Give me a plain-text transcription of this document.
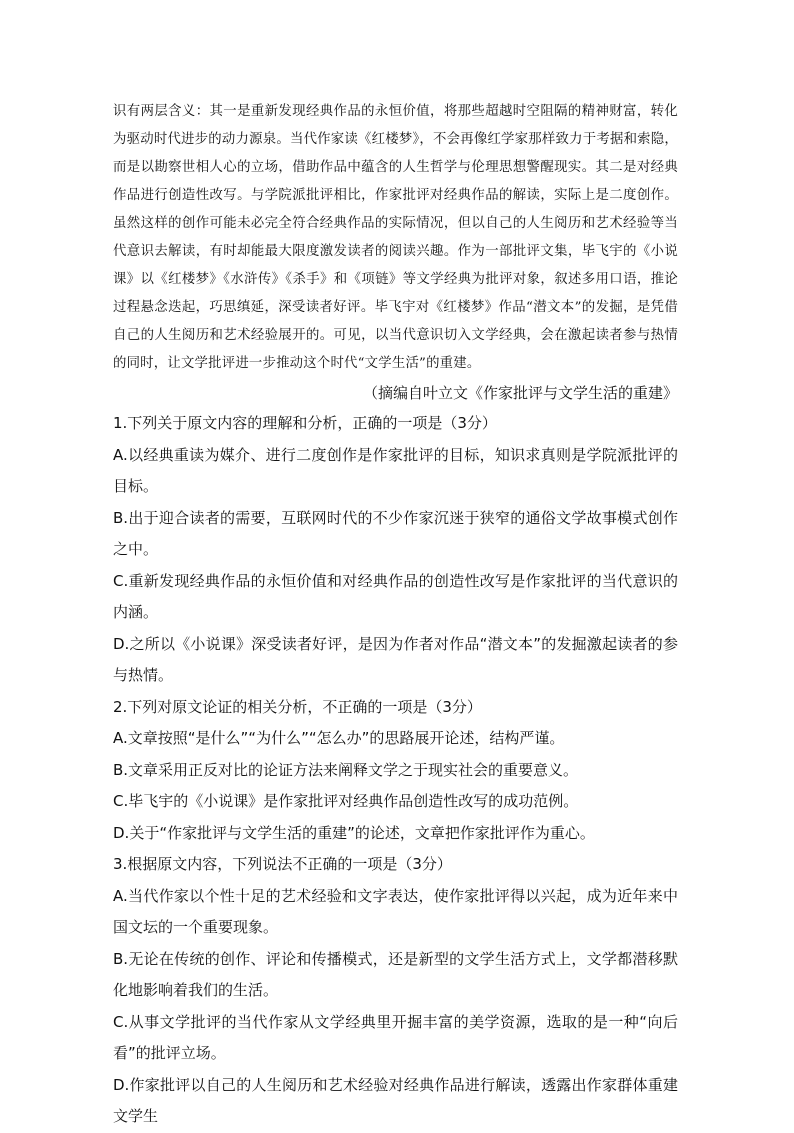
识有两层含义：其一是重新发现经典作品的永恒价值，将那些超越时空阻隔的精神财富，转化为驱动时代进步的动力源泉。当代作家读《红楼梦》，不会再像红学家那样致力于考据和索隐，而是以勘察世相人心的立场，借助作品中蕴含的人生哲学与伦理思想警醒现实。其二是对经典作品进行创造性改写。与学院派批评相比，作家批评对经典作品的解读，实际上是二度创作。虽然这样的创作可能未必完全符合经典作品的实际情况，但以自己的人生阅历和艺术经验等当代意识去解读，有时却能最大限度激发读者的阅读兴趣。作为一部批评文集，毕飞宇的《小说课》以《红楼梦》《水浒传》《杀手》和《项链》等文学经典为批评对象，叙述多用口语，推论过程悬念迭起，巧思缜延，深受读者好评。毕飞宇对《红楼梦》作品“潜文本”的发掘，是凭借自己的人生阅历和艺术经验展开的。可见，以当代意识切入文学经典，会在激起读者参与热情的同时，让文学批评进一步推动这个时代“文学生活”的重建。

（摘编自叶立文《作家批评与文学生活的重建》

1.下列关于原文内容的理解和分析，正确的一项是（3分）

A.以经典重读为媒介、进行二度创作是作家批评的目标，知识求真则是学院派批评的目标。

B.出于迎合读者的需要，互联网时代的不少作家沉迷于狭窄的通俗文学故事模式创作之中。

C.重新发现经典作品的永恒价值和对经典作品的创造性改写是作家批评的当代意识的内涵。

D.之所以《小说课》深受读者好评，是因为作者对作品“潜文本”的发掘激起读者的参与热情。

2.下列对原文论证的相关分析，不正确的一项是（3分）

A.文章按照“是什么”“为什么”“怎么办”的思路展开论述，结构严谨。

B.文章采用正反对比的论证方法来阐释文学之于现实社会的重要意义。

C.毕飞宇的《小说课》是作家批评对经典作品创造性改写的成功范例。

D.关于“作家批评与文学生活的重建”的论述，文章把作家批评作为重心。

3.根据原文内容，下列说法不正确的一项是（3分）

A.当代作家以个性十足的艺术经验和文字表达，使作家批评得以兴起，成为近年来中国文坛的一个重要现象。

B.无论在传统的创作、评论和传播模式，还是新型的文学生活方式上，文学都潜移默化地影响着我们的生活。

C.从事文学批评的当代作家从文学经典里开掘丰富的美学资源，选取的是一种“向后看”的批评立场。

D.作家批评以自己的人生阅历和艺术经验对经典作品进行解读，透露出作家群体重建文学生
